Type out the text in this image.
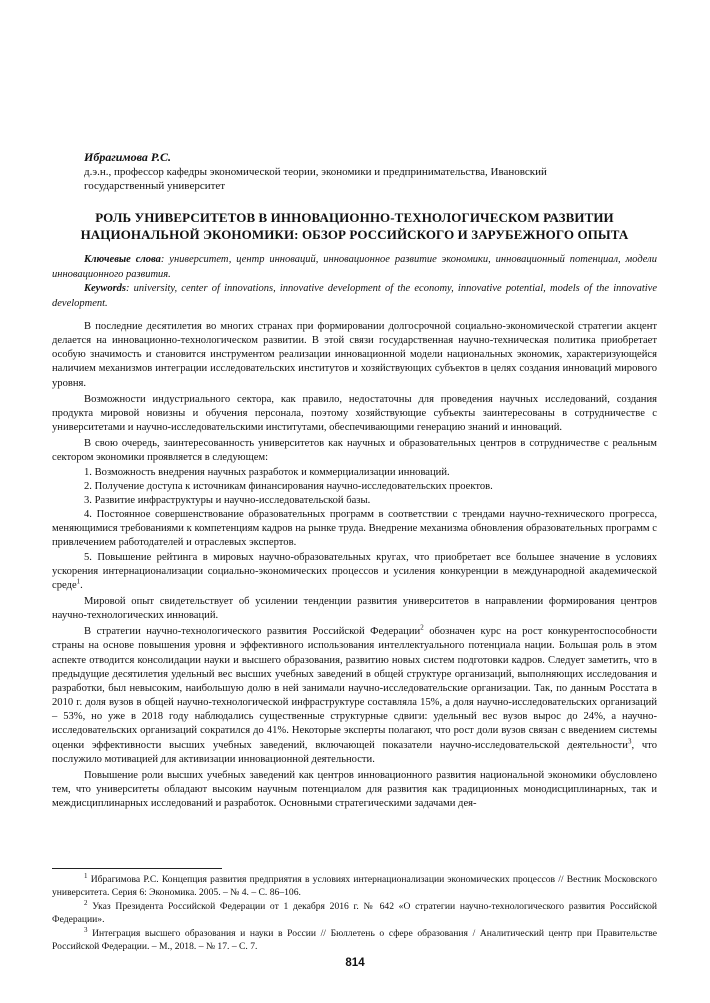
Ибрагимова Р.С.
д.э.н., профессор кафедры экономической теории, экономики и предпринимательства, Ивановский государственный университет
РОЛЬ УНИВЕРСИТЕТОВ В ИННОВАЦИОННО-ТЕХНОЛОГИЧЕСКОМ РАЗВИТИИ
НАЦИОНАЛЬНОЙ ЭКОНОМИКИ: ОБЗОР РОССИЙСКОГО И ЗАРУБЕЖНОГО ОПЫТА
Ключевые слова: университет, центр инноваций, инновационное развитие экономики, инновационный потенциал, модели инновационного развития.
Keywords: university, center of innovations, innovative development of the economy, innovative potential, models of the innovative development.

В последние десятилетия во многих странах при формировании долгосрочной социально-экономической стратегии акцент делается на инновационно-технологическом развитии. В этой связи государственная научно-техническая политика приобретает особую значимость и становится инструментом реализации инновационной модели национальных экономик, характеризующейся наличием механизмов интеграции исследовательских институтов и хозяйствующих субъектов в целях создания инноваций мирового уровня.

Возможности индустриального сектора, как правило, недостаточны для проведения научных исследований, создания продукта мировой новизны и обучения персонала, поэтому хозяйствующие субъекты заинтересованы в сотрудничестве с университетами и научно-исследовательскими институтами, обеспечивающими генерацию знаний и инноваций.

В свою очередь, заинтересованность университетов как научных и образовательных центров в сотрудничестве с реальным сектором экономики проявляется в следующем:

1. Возможность внедрения научных разработок и коммерциализации инноваций.

2. Получение доступа к источникам финансирования научно-исследовательских проектов.

3. Развитие инфраструктуры и научно-исследовательской базы.

4. Постоянное совершенствование образовательных программ в соответствии с трендами научно-технического прогресса, меняющимися требованиями к компетенциям кадров на рынке труда. Внедрение механизма обновления образовательных программ с привлечением работодателей и отраслевых экспертов.

5. Повышение рейтинга в мировых научно-образовательных кругах, что приобретает все большее значение в условиях ускорения интернационализации социально-экономических процессов и усиления конкуренции в международной академической среде$^1$.

Мировой опыт свидетельствует об усилении тенденции развития университетов в направлении формирования центров научно-технологических инноваций.

В стратегии научно-технологического развития Российской Федерации$^2$ обозначен курс на рост конкурентоспособности страны на основе повышения уровня и эффективного использования интеллектуального потенциала нации. Большая роль в этом аспекте отводится консолидации науки и высшего образования, развитию новых систем подготовки кадров. Следует заметить, что в предыдущие десятилетия удельный вес высших учебных заведений в общей структуре организаций, выполняющих исследования и разработки, был невысоким, наибольшую долю в ней занимали научно-исследовательские организации. Так, по данным Росстата в 2010 г. доля вузов в общей научно-технологической инфраструктуре составляла 15%, а доля научно-исследовательских организаций – 53%, но уже в 2018 году наблюдались существенные структурные сдвиги: удельный вес вузов вырос до 24%, а научно-исследовательских организаций сократился до 41%. Некоторые эксперты полагают, что рост доли вузов связан с введением системы оценки эффективности высших учебных заведений, включающей показатели научно-исследовательской деятельности$^3$, что послужило мотивацией для активизации инновационной деятельности.

Повышение роли высших учебных заведений как центров инновационного развития национальной экономики обусловлено тем, что университеты обладают высоким научным потенциалом для развития как традиционных монодисциплинарных, так и междисциплинарных исследований и разработок. Основными стратегическими задачами дея-

$^1$ Ибрагимова Р.С. Концепция развития предприятия в условиях интернационализации экономических процессов // Вестник Московского университета. Серия 6: Экономика. 2005. – № 4. – С. 86–106.

$^2$ Указ Президента Российской Федерации от 1 декабря 2016 г. № 642 «О стратегии научно-технологического развития Российской Федерации».

$^3$ Интеграция высшего образования и науки в России // Бюллетень о сфере образования / Аналитический центр при Правительстве Российской Федерации. – М., 2018. – № 17. – С. 7.

814
